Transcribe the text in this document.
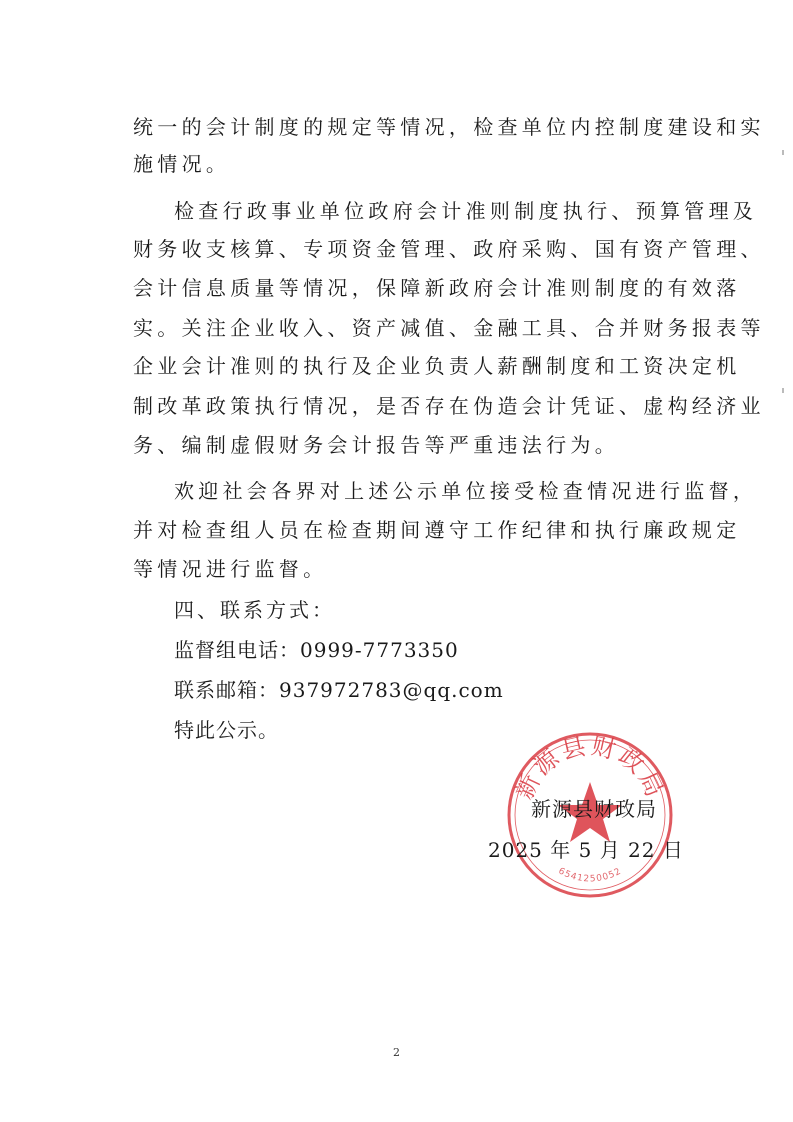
统一的会计制度的规定等情况，检查单位内控制度建设和实
施情况。
检查行政事业单位政府会计准则制度执行、预算管理及
财务收支核算、专项资金管理、政府采购、国有资产管理、
会计信息质量等情况，保障新政府会计准则制度的有效落
实。关注企业收入、资产减值、金融工具、合并财务报表等
企业会计准则的执行及企业负责人薪酬制度和工资决定机
制改革政策执行情况，是否存在伪造会计凭证、虚构经济业
务、编制虚假财务会计报告等严重违法行为。
欢迎社会各界对上述公示单位接受检查情况进行监督，
并对检查组人员在检查期间遵守工作纪律和执行廉政规定
等情况进行监督。
四、联系方式：
监督组电话：0999-7773350
联系邮箱：937972783@qq.com
特此公示。
新源县财政局
6541250052
新源县财政局
2025 年 5 月 22 日
2
